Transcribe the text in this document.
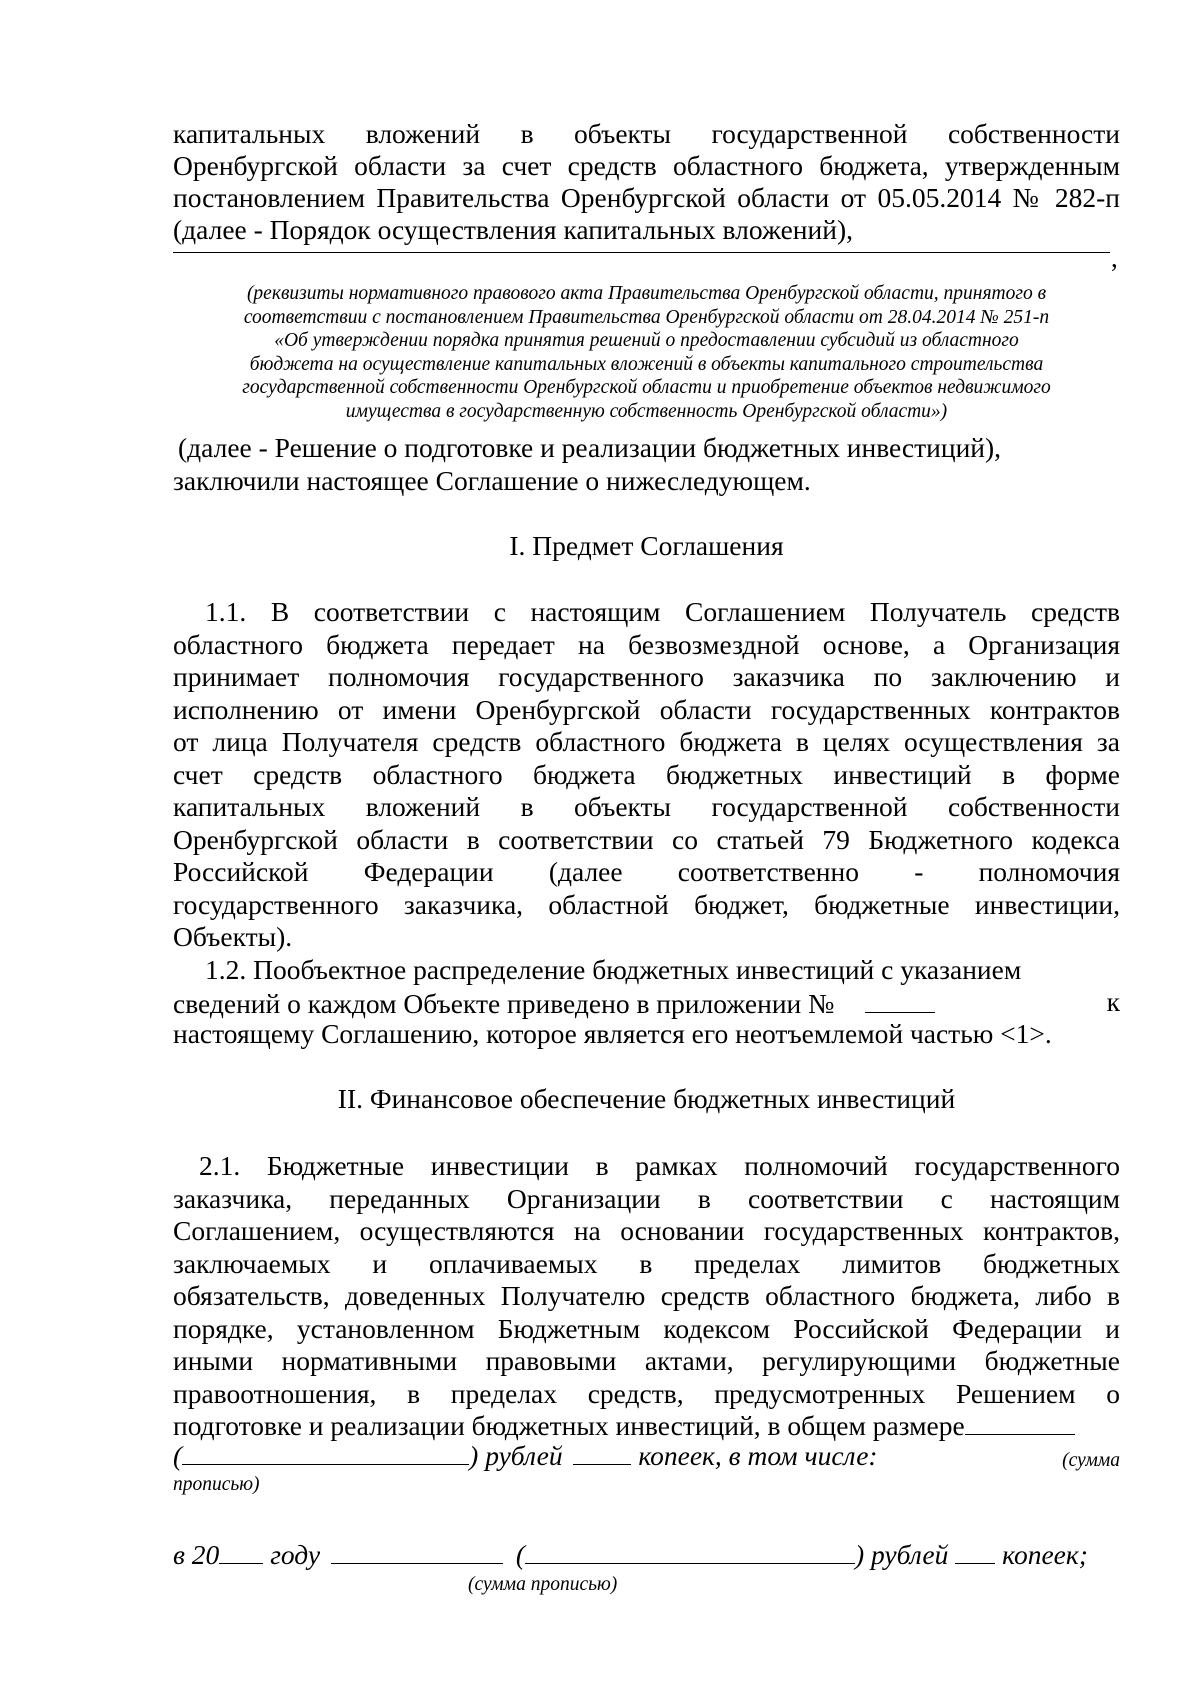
капитальных вложений в объекты государственной собственности
Оренбургской области за счет средств областного бюджета, утвержденным
постановлением Правительства Оренбургской области от 05.05.2014 № 282-п
(далее - Порядок осуществления капитальных вложений),
,
(реквизиты нормативного правового акта Правительства Оренбургской области, принятого в
соответствии с постановлением Правительства Оренбургской области от 28.04.2014 № 251-п
«Об утверждении порядка принятия решений о предоставлении субсидий из областного
бюджета на осуществление капитальных вложений в объекты капитального строительства
государственной собственности Оренбургской области и приобретение объектов недвижимого
имущества в государственную собственность Оренбургской области»)
(далее - Решение о подготовке и реализации бюджетных инвестиций),
заключили настоящее Соглашение о нижеследующем.
I. Предмет Соглашения
1.1. В соответствии с настоящим Соглашением Получатель средств
областного бюджета передает на безвозмездной основе, а Организация
принимает полномочия государственного заказчика по заключению и
исполнению от имени Оренбургской области государственных контрактов
от лица Получателя средств областного бюджета в целях осуществления за
счет средств областного бюджета бюджетных инвестиций в форме
капитальных вложений в объекты государственной собственности
Оренбургской области в соответствии со статьей 79 Бюджетного кодекса
Российской Федерации (далее соответственно - полномочия
государственного заказчика, областной бюджет, бюджетные инвестиции,
Объекты).
1.2. Пообъектное распределение бюджетных инвестиций с указанием
сведений о каждом Объекте приведено в приложении №	к
настоящему Соглашению, которое является его неотъемлемой частью <1>.
II. Финансовое обеспечение бюджетных инвестиций
2.1. Бюджетные инвестиции в рамках полномочий государственного
заказчика, переданных Организации в соответствии с настоящим
Соглашением, осуществляются на основании государственных контрактов,
заключаемых и оплачиваемых в пределах лимитов бюджетных
обязательств, доведенных Получателю средств областного бюджета, либо в
порядке, установленном Бюджетным кодексом Российской Федерации и
иными нормативными правовыми актами, регулирующими бюджетные
правоотношения, в пределах средств, предусмотренных Решением о
подготовке и реализации бюджетных инвестиций, в общем размере
(	) рублей	копеек, в том числе:	(сумма
прописью)
в 20 году	(	) рублей копеек;
(сумма прописью)
